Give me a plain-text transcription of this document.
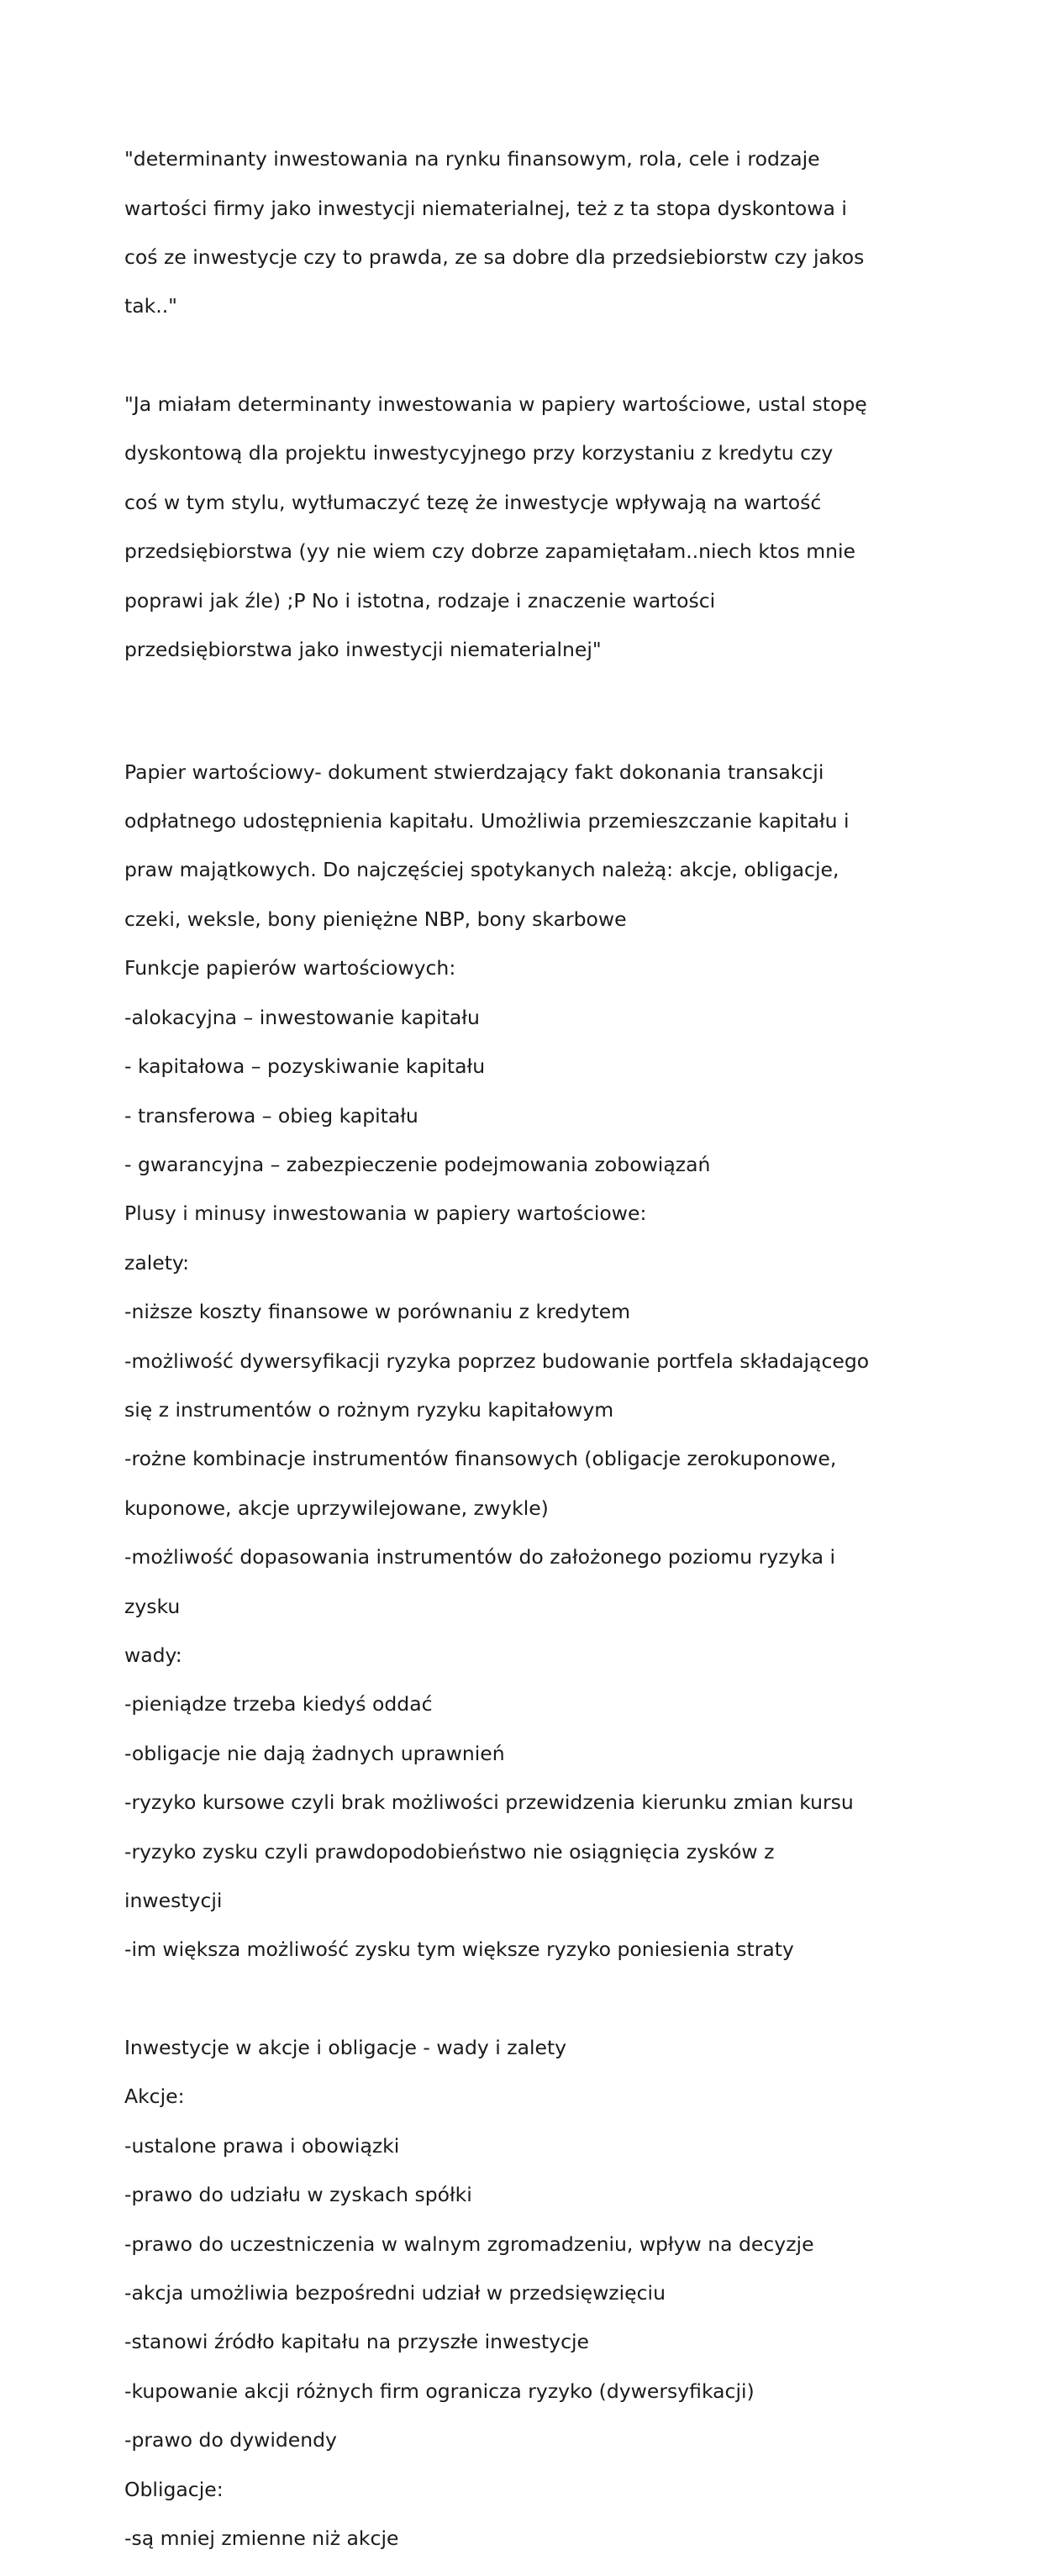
"determinanty inwestowania na rynku finansowym, rola, cele i rodzaje

wartości firmy jako inwestycji niematerialnej, też z ta stopa dyskontowa i

coś ze inwestycje czy to prawda, ze sa dobre dla przedsiebiorstw czy jakos

tak.."

"Ja miałam determinanty inwestowania w papiery wartościowe, ustal stopę

dyskontową dla projektu inwestycyjnego przy korzystaniu z kredytu czy

coś w tym stylu, wytłumaczyć tezę że inwestycje wpływają na wartość

przedsiębiorstwa (yy nie wiem czy dobrze zapamiętałam..niech ktos mnie

poprawi jak źle) ;P No i istotna, rodzaje i znaczenie wartości

przedsiębiorstwa jako inwestycji niematerialnej"

Papier wartościowy- dokument stwierdzający fakt dokonania transakcji

odpłatnego udostępnienia kapitału. Umożliwia przemieszczanie kapitału i

praw majątkowych. Do najczęściej spotykanych należą: akcje, obligacje,

czeki, weksle, bony pieniężne NBP, bony skarbowe

Funkcje papierów wartościowych:

-alokacyjna – inwestowanie kapitału

- kapitałowa – pozyskiwanie kapitału

- transferowa – obieg kapitału

- gwarancyjna – zabezpieczenie podejmowania zobowiązań

Plusy i minusy inwestowania w papiery wartościowe:

zalety:

-niższe koszty finansowe w porównaniu z kredytem

-możliwość dywersyfikacji ryzyka poprzez budowanie portfela składającego

się z instrumentów o rożnym ryzyku kapitałowym

-rożne kombinacje instrumentów finansowych (obligacje zerokuponowe,

kuponowe, akcje uprzywilejowane, zwykle)

-możliwość dopasowania instrumentów do założonego poziomu ryzyka i

zysku

wady:

-pieniądze trzeba kiedyś oddać

-obligacje nie dają żadnych uprawnień

-ryzyko kursowe czyli brak możliwości przewidzenia kierunku zmian kursu

-ryzyko zysku czyli prawdopodobieństwo nie osiągnięcia zysków z

inwestycji

-im większa możliwość zysku tym większe ryzyko poniesienia straty

Inwestycje w akcje i obligacje - wady i zalety

Akcje:

-ustalone prawa i obowiązki

-prawo do udziału w zyskach spółki

-prawo do uczestniczenia w walnym zgromadzeniu, wpływ na decyzje

-akcja umożliwia bezpośredni udział w przedsięwzięciu

-stanowi źródło kapitału na przyszłe inwestycje

-kupowanie akcji różnych firm ogranicza ryzyko (dywersyfikacji)

-prawo do dywidendy

Obligacje:

-są mniej zmienne niż akcje
